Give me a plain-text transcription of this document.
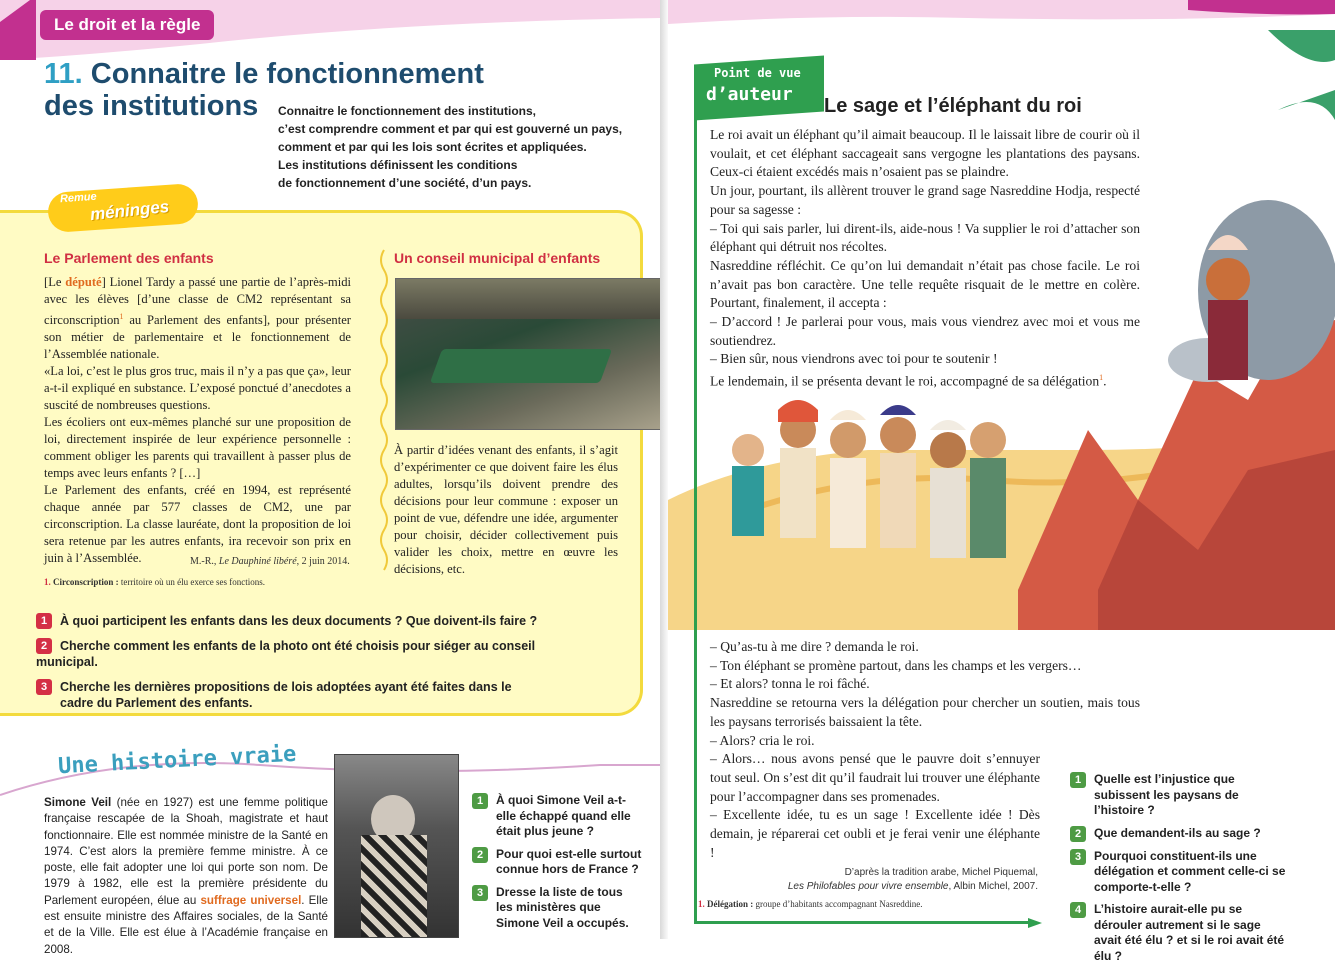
Le droit et la règle
11. Connaitre le fonctionnement
des institutions	Connaitre le fonctionnement des institutions,
c’est comprendre comment et par qui est gouverné un pays,
comment et par qui les lois sont écrites et appliquées.
Les institutions définissent les conditions
de fonctionnement d’une société, d’un pays.
Remue
méninges
Le Parlement des enfants
[Le député] Lionel Tardy a passé une partie de l’après-midi avec les élèves [d’une classe de CM2 représentant sa circonscription$^1$ au Parlement des enfants], pour présenter son métier de parlementaire et le fonctionnement de l’Assemblée nationale.
«La loi, c’est le plus gros truc, mais il n’y a pas que ça», leur a-t-il expliqué en substance. L’exposé ponctué d’anecdotes a suscité de nombreuses questions.
Les écoliers ont eux-mêmes planché sur une proposition de loi, directement inspirée de leur expérience personnelle : comment obliger les parents qui travaillent à passer plus de temps avec leurs enfants ? […]
Le Parlement des enfants, créé en 1994, est représenté chaque année par 577 classes de CM2, une par circonscription. La classe lauréate, dont la proposition de loi sera retenue par les autres enfants, ira recevoir son prix en juin à l’Assemblée.	M.-R., Le Dauphiné libéré, 2 juin 2014.
1. Circonscription : territoire où un élu exerce ses fonctions.
Un conseil municipal d’enfants
À partir d’idées venant des enfants, il s’agit d’expérimenter ce que doivent faire les élus adultes, lorsqu’ils doivent prendre des décisions pour leur commune : exposer un point de vue, défendre une idée, argumenter pour choisir, décider collectivement puis valider les choix, mettre en œuvre les décisions, etc.
1 À quoi participent les enfants dans les deux documents ? Que doivent-ils faire ?
2 Cherche comment les enfants de la photo ont été choisis pour siéger au conseil municipal.
3	Cherche les dernières propositions de lois adoptées ayant été faites dans le cadre du Parlement des enfants.
Une histoire vraie
Simone Veil (née en 1927) est une femme politique française rescapée de la Shoah, magistrate et haut fonctionnaire. Elle est nommée ministre de la Santé en 1974. C’est alors la première femme ministre. À ce poste, elle fait adopter une loi qui porte son nom. De 1979 à 1982, elle est la première présidente du Parlement européen, élue au suffrage universel. Elle est ensuite ministre des Affaires sociales, de la Santé et de la Ville. Elle est élue à l’Académie française en 2008.
1	À quoi Simone Veil a-t-elle échappé quand elle était plus jeune ?
2	Pour quoi est-elle surtout connue hors de France ?
3	Dresse la liste de tous les ministères que Simone Veil a occupés.
Point de vue
d’auteur
Le sage et l’éléphant du roi
Le roi avait un éléphant qu’il aimait beaucoup. Il le laissait libre de courir où il voulait, et cet éléphant saccageait sans vergogne les plantations des paysans. Ceux-ci étaient excédés mais n’osaient pas se plaindre.
Un jour, pourtant, ils allèrent trouver le grand sage Nasreddine Hodja, respecté pour sa sagesse :
– Toi qui sais parler, lui dirent-ils, aide-nous ! Va supplier le roi d’attacher son éléphant qui détruit nos récoltes.
Nasreddine réfléchit. Ce qu’on lui demandait n’était pas chose facile. Le roi n’avait pas bon caractère. Une telle requête risquait de le mettre en colère. Pourtant, finalement, il accepta :
– D’accord ! Je parlerai pour vous, mais vous viendrez avec moi et vous me soutiendrez.
– Bien sûr, nous viendrons avec toi pour te soutenir !
Le lendemain, il se présenta devant le roi, accompagné de sa délégation$^1$.
– Qu’as-tu à me dire ? demanda le roi.
– Ton éléphant se promène partout, dans les champs et les vergers…
– Et alors? tonna le roi fâché.
Nasreddine se retourna vers la délégation pour chercher un soutien, mais tous les paysans terrorisés baissaient la tête.
– Alors? cria le roi.
– Alors… nous avons pensé que le pauvre doit s’ennuyer tout seul. On s’est dit qu’il faudrait lui trouver une éléphante pour l’accompagner dans ses promenades.
– Excellente idée, tu es un sage ! Excellente idée ! Dès demain, je réparerai cet oubli et je ferai venir une éléphante !
D’après la tradition arabe, Michel Piquemal,
Les Philofables pour vivre ensemble, Albin Michel, 2007.
1. Délégation : groupe d’habitants accompagnant Nasreddine.
1	Quelle est l’injustice que subissent les paysans de l’histoire ?
2	Que demandent-ils au sage ?
3	Pourquoi constituent-ils une délégation et comment celle-ci se comporte-t-elle ?
4	L’histoire aurait-elle pu se dérouler autrement si le sage avait été élu ? et si le roi avait été élu ?
